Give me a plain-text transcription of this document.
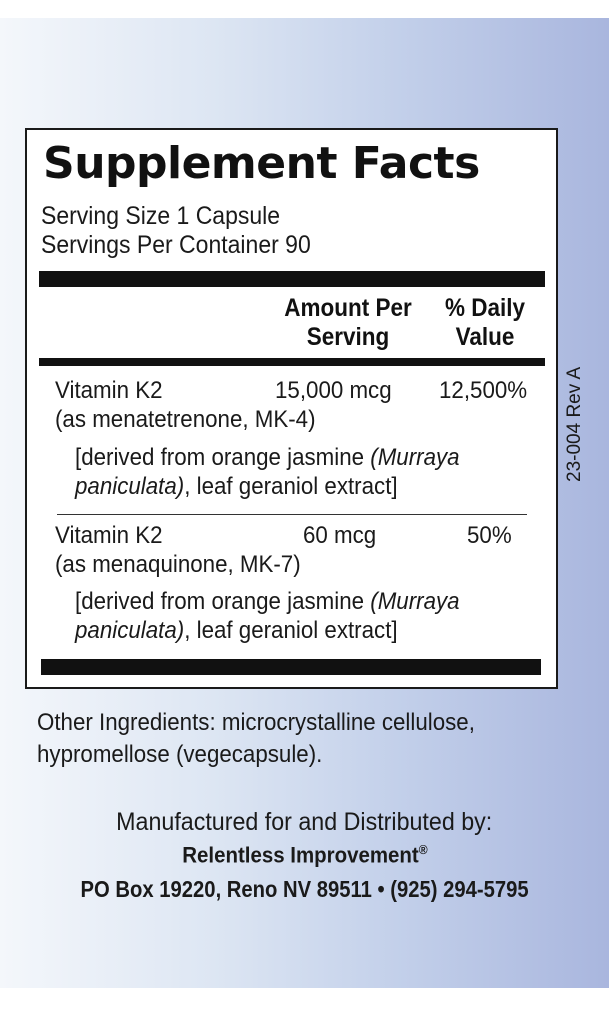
Supplement Facts
Serving Size 1 Capsule
Servings Per Container 90
Amount Per
Serving
% Daily
Value
Vitamin K2	15,000 mcg	12,500%
(as menatetrenone, MK-4)
[derived from orange jasmine (Murraya
paniculata), leaf geraniol extract]
Vitamin K2	60 mcg	50%
(as menaquinone, MK-7)
[derived from orange jasmine (Murraya
paniculata), leaf geraniol extract]
Other Ingredients: microcrystalline cellulose,
hypromellose (vegecapsule).
Manufactured for and Distributed by:
Relentless Improvement®
PO Box 19220, Reno NV 89511 • (925) 294-5795
23-004 Rev A
